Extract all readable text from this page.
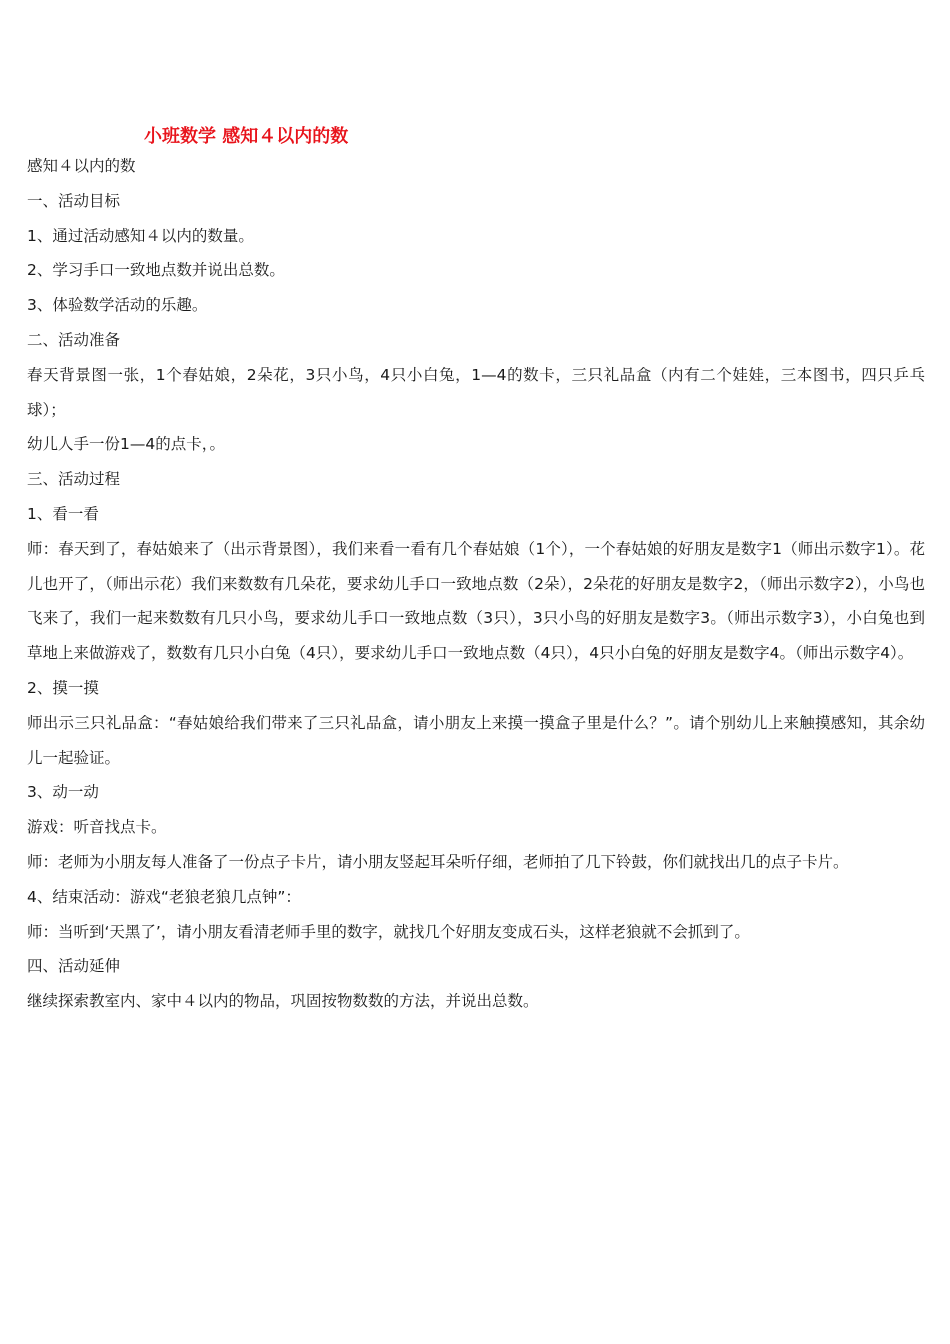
小班数学 感知４以内的数

感知４以内的数

一、活动目标

1、通过活动感知４以内的数量。

2、学习手口一致地点数并说出总数。

3、体验数学活动的乐趣。

二、活动准备

春天背景图一张，1个春姑娘，2朵花，3只小鸟，4只小白兔，1—4的数卡，三只礼品盒（内有二个娃娃，三本图书，四只乒乓球）；

幼儿人手一份1—4的点卡，。

三、活动过程

1、看一看

师：春天到了，春姑娘来了（出示背景图），我们来看一看有几个春姑娘（1个），一个春姑娘的好朋友是数字1（师出示数字1）。花儿也开了，（师出示花）我们来数数有几朵花，要求幼儿手口一致地点数（2朵），2朵花的好朋友是数字2，（师出示数字2），小鸟也飞来了，我们一起来数数有几只小鸟，要求幼儿手口一致地点数（3只），3只小鸟的好朋友是数字3。（师出示数字3），小白兔也到草地上来做游戏了，数数有几只小白兔（4只），要求幼儿手口一致地点数（4只），4只小白兔的好朋友是数字4。（师出示数字4）。

2、摸一摸

师出示三只礼品盒：“春姑娘给我们带来了三只礼品盒，请小朋友上来摸一摸盒子里是什么？”。请个别幼儿上来触摸感知，其余幼儿一起验证。

3、动一动

游戏：听音找点卡。

师：老师为小朋友每人准备了一份点子卡片，请小朋友竖起耳朵听仔细，老师拍了几下铃鼓，你们就找出几的点子卡片。

4、结束活动：游戏“老狼老狼几点钟”：

师：当听到‘天黑了’，请小朋友看清老师手里的数字，就找几个好朋友变成石头，这样老狼就不会抓到了。

四、活动延伸

继续探索教室内、家中４以内的物品，巩固按物数数的方法，并说出总数。
